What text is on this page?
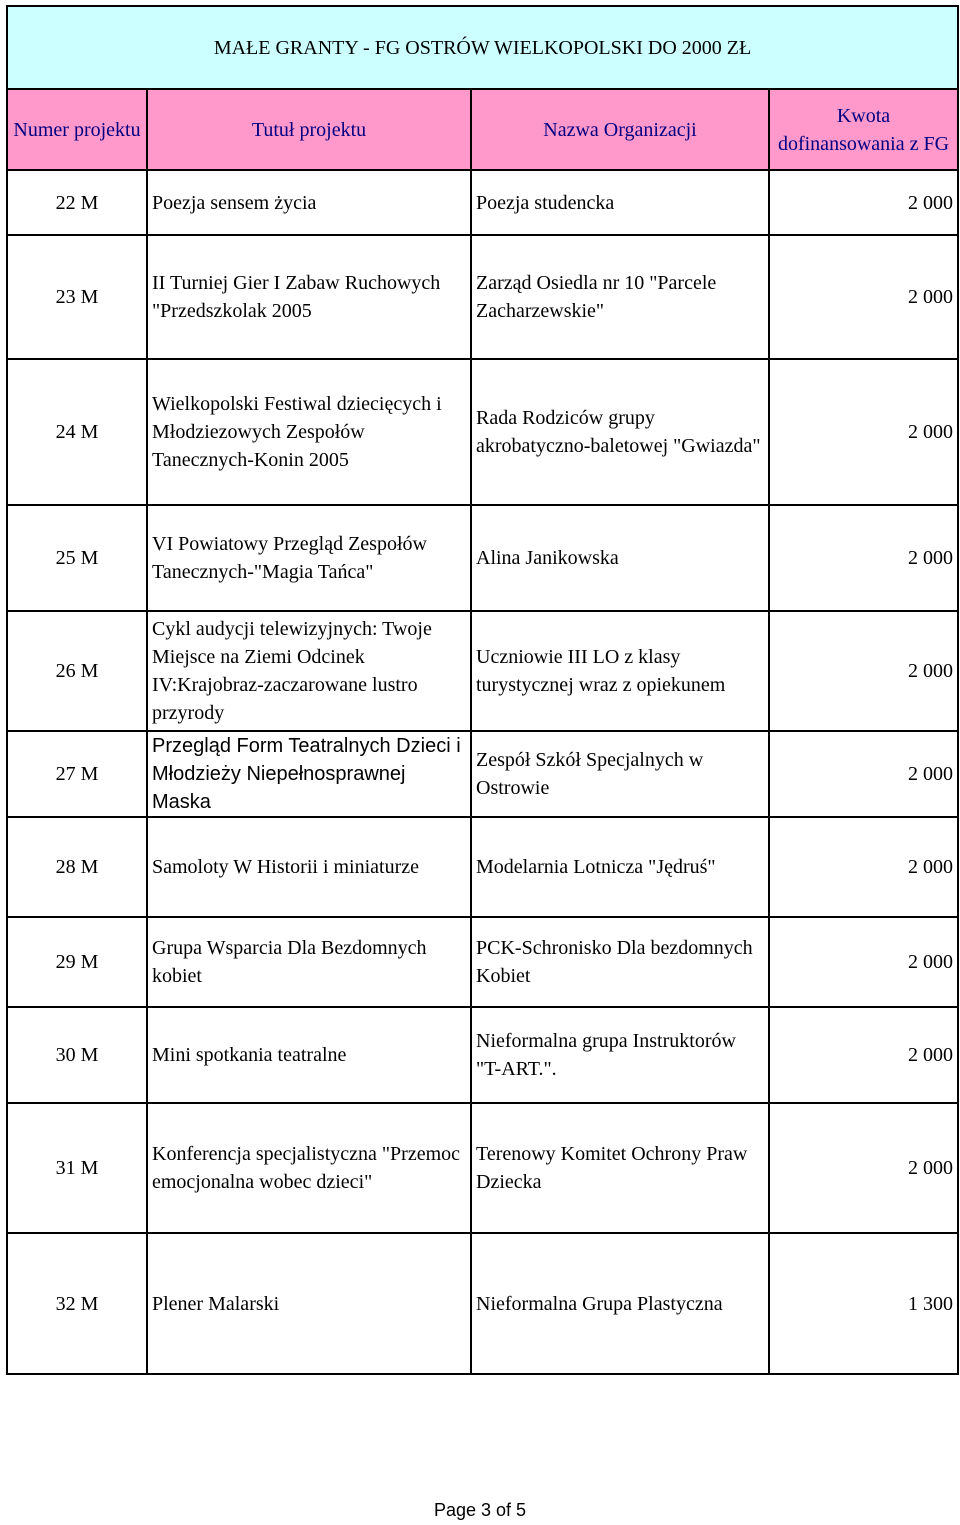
MAŁE GRANTY - FG OSTRÓW WIELKOPOLSKI DO 2000 ZŁ			
Numer projektu	Tutuł projektu	Nazwa Organizacji	Kwota dofinansowania z FG
22 M	Poezja sensem życia	Poezja studencka	2 000
23 M	II Turniej Gier I Zabaw Ruchowych "Przedszkolak 2005	Zarząd Osiedla nr 10 "Parcele Zacharzewskie"	2 000
24 M	Wielkopolski Festiwal dziecięcych i Młodziezowych Zespołów Tanecznych-Konin 2005	Rada Rodziców grupy akrobatyczno-baletowej "Gwiazda"	2 000
25 M	VI Powiatowy Przegląd Zespołów Tanecznych-"Magia Tańca"	Alina Janikowska	2 000
26 M	Cykl audycji telewizyjnych: Twoje Miejsce na Ziemi Odcinek IV:Krajobraz-zaczarowane lustro przyrody	Uczniowie III LO z klasy turystycznej wraz z opiekunem	2 000
27 M	Przegląd Form Teatralnych Dzieci i Młodzieży Niepełnosprawnej Maska	Zespół Szkół Specjalnych w Ostrowie	2 000
28 M	Samoloty W Historii i miniaturze	Modelarnia Lotnicza "Jędruś"	2 000
29 M	Grupa Wsparcia Dla Bezdomnych kobiet	PCK-Schronisko Dla bezdomnych Kobiet	2 000
30 M	Mini spotkania teatralne	Nieformalna grupa Instruktorów "T-ART.".	2 000
31 M	Konferencja specjalistyczna "Przemoc emocjonalna wobec dzieci"	Terenowy Komitet Ochrony Praw Dziecka	2 000
32 M	Plener Malarski	Nieformalna Grupa Plastyczna	1 300
Page 3 of 5
